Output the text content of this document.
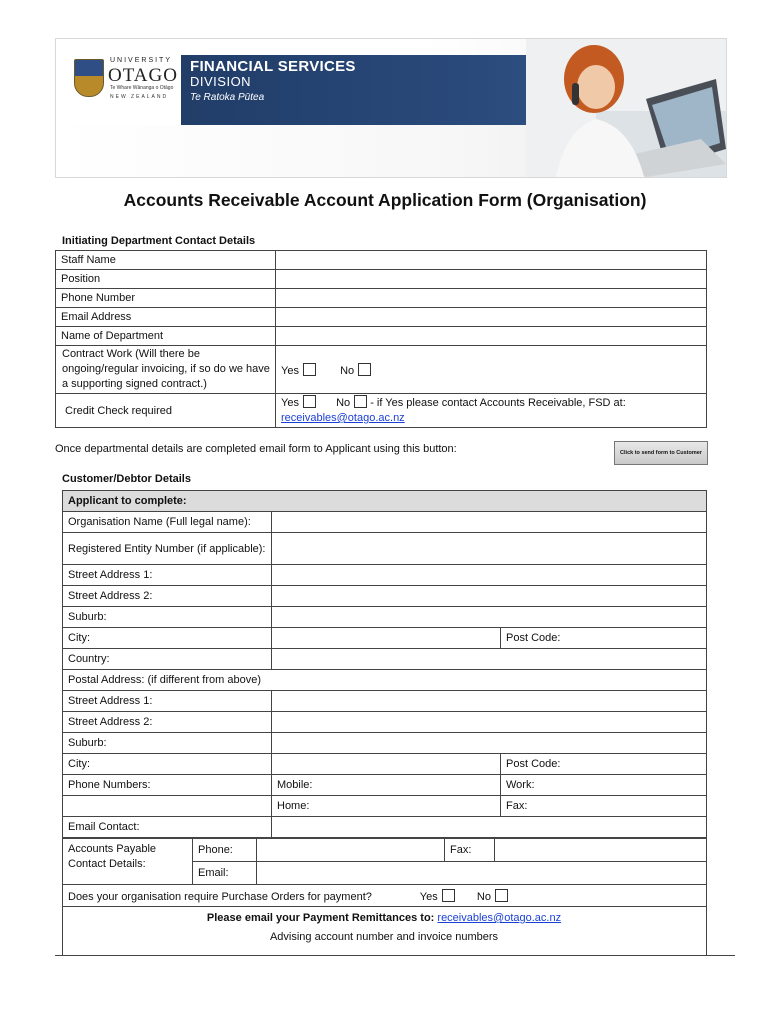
UNIVERSITY
OTAGO
Te Whare Wānanga o Otāgo
NEW ZEALAND
FINANCIAL SERVICES
DIVISION
Te Ratoka Pūtea
Accounts Receivable Account Application Form (Organisation)
Initiating Department Contact Details
Staff Name	
Position	
Phone Number	
Email Address	
Name of Department	
Contract Work (Will there be ongoing/regular invoicing, if so do we have a supporting signed contract.)	Yes No
Credit Check required	Yes No - if Yes please contact Accounts Receivable, FSD at:
receivables@otago.ac.nz
Once departmental details are completed email form to Applicant using this button:	Click to send form to Customer
Customer/Debtor Details
Applicant to complete:		
Organisation Name (Full legal name):		
Registered Entity Number (if applicable):		
Street Address 1:		
Street Address 2:		
Suburb:		
City:		Post Code:
Country:		
Postal Address: (if different from above)		
Street Address 1:		
Street Address 2:		
Suburb:		
City:		Post Code:
Phone Numbers:	Mobile:	Work:
	Home:	Fax:
Email Contact:		
Accounts Payable Contact Details:	Phone:		Fax:	
	Email:			
Does your organisation require Purchase Orders for payment? Yes No				
Please email your Payment Remittances to: receivables@otago.ac.nz
Advising account number and invoice numbers
